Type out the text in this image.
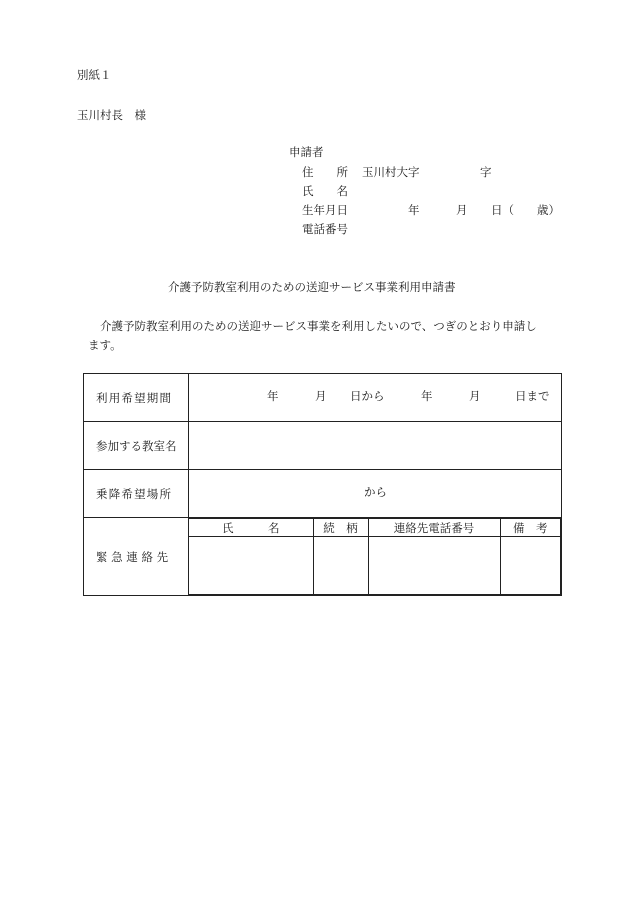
別紙１
玉川村長　様
申請者
住　　所 玉川村大字	字
氏　　名
生年月日	年	月 日（ 歳）
電話番号
介護予防教室利用のための送迎サービス事業利用申請書
介護予防教室利用のための送迎サービス事業を利用したいので、つぎのとおり申請し
ます。
利用希望期間	年	月 日から	年	月	日まで

参加する教室名	
乗降希望場所	から

緊 急 連 絡 先	
氏　　　名	続　柄	連絡先電話番号	備　考
